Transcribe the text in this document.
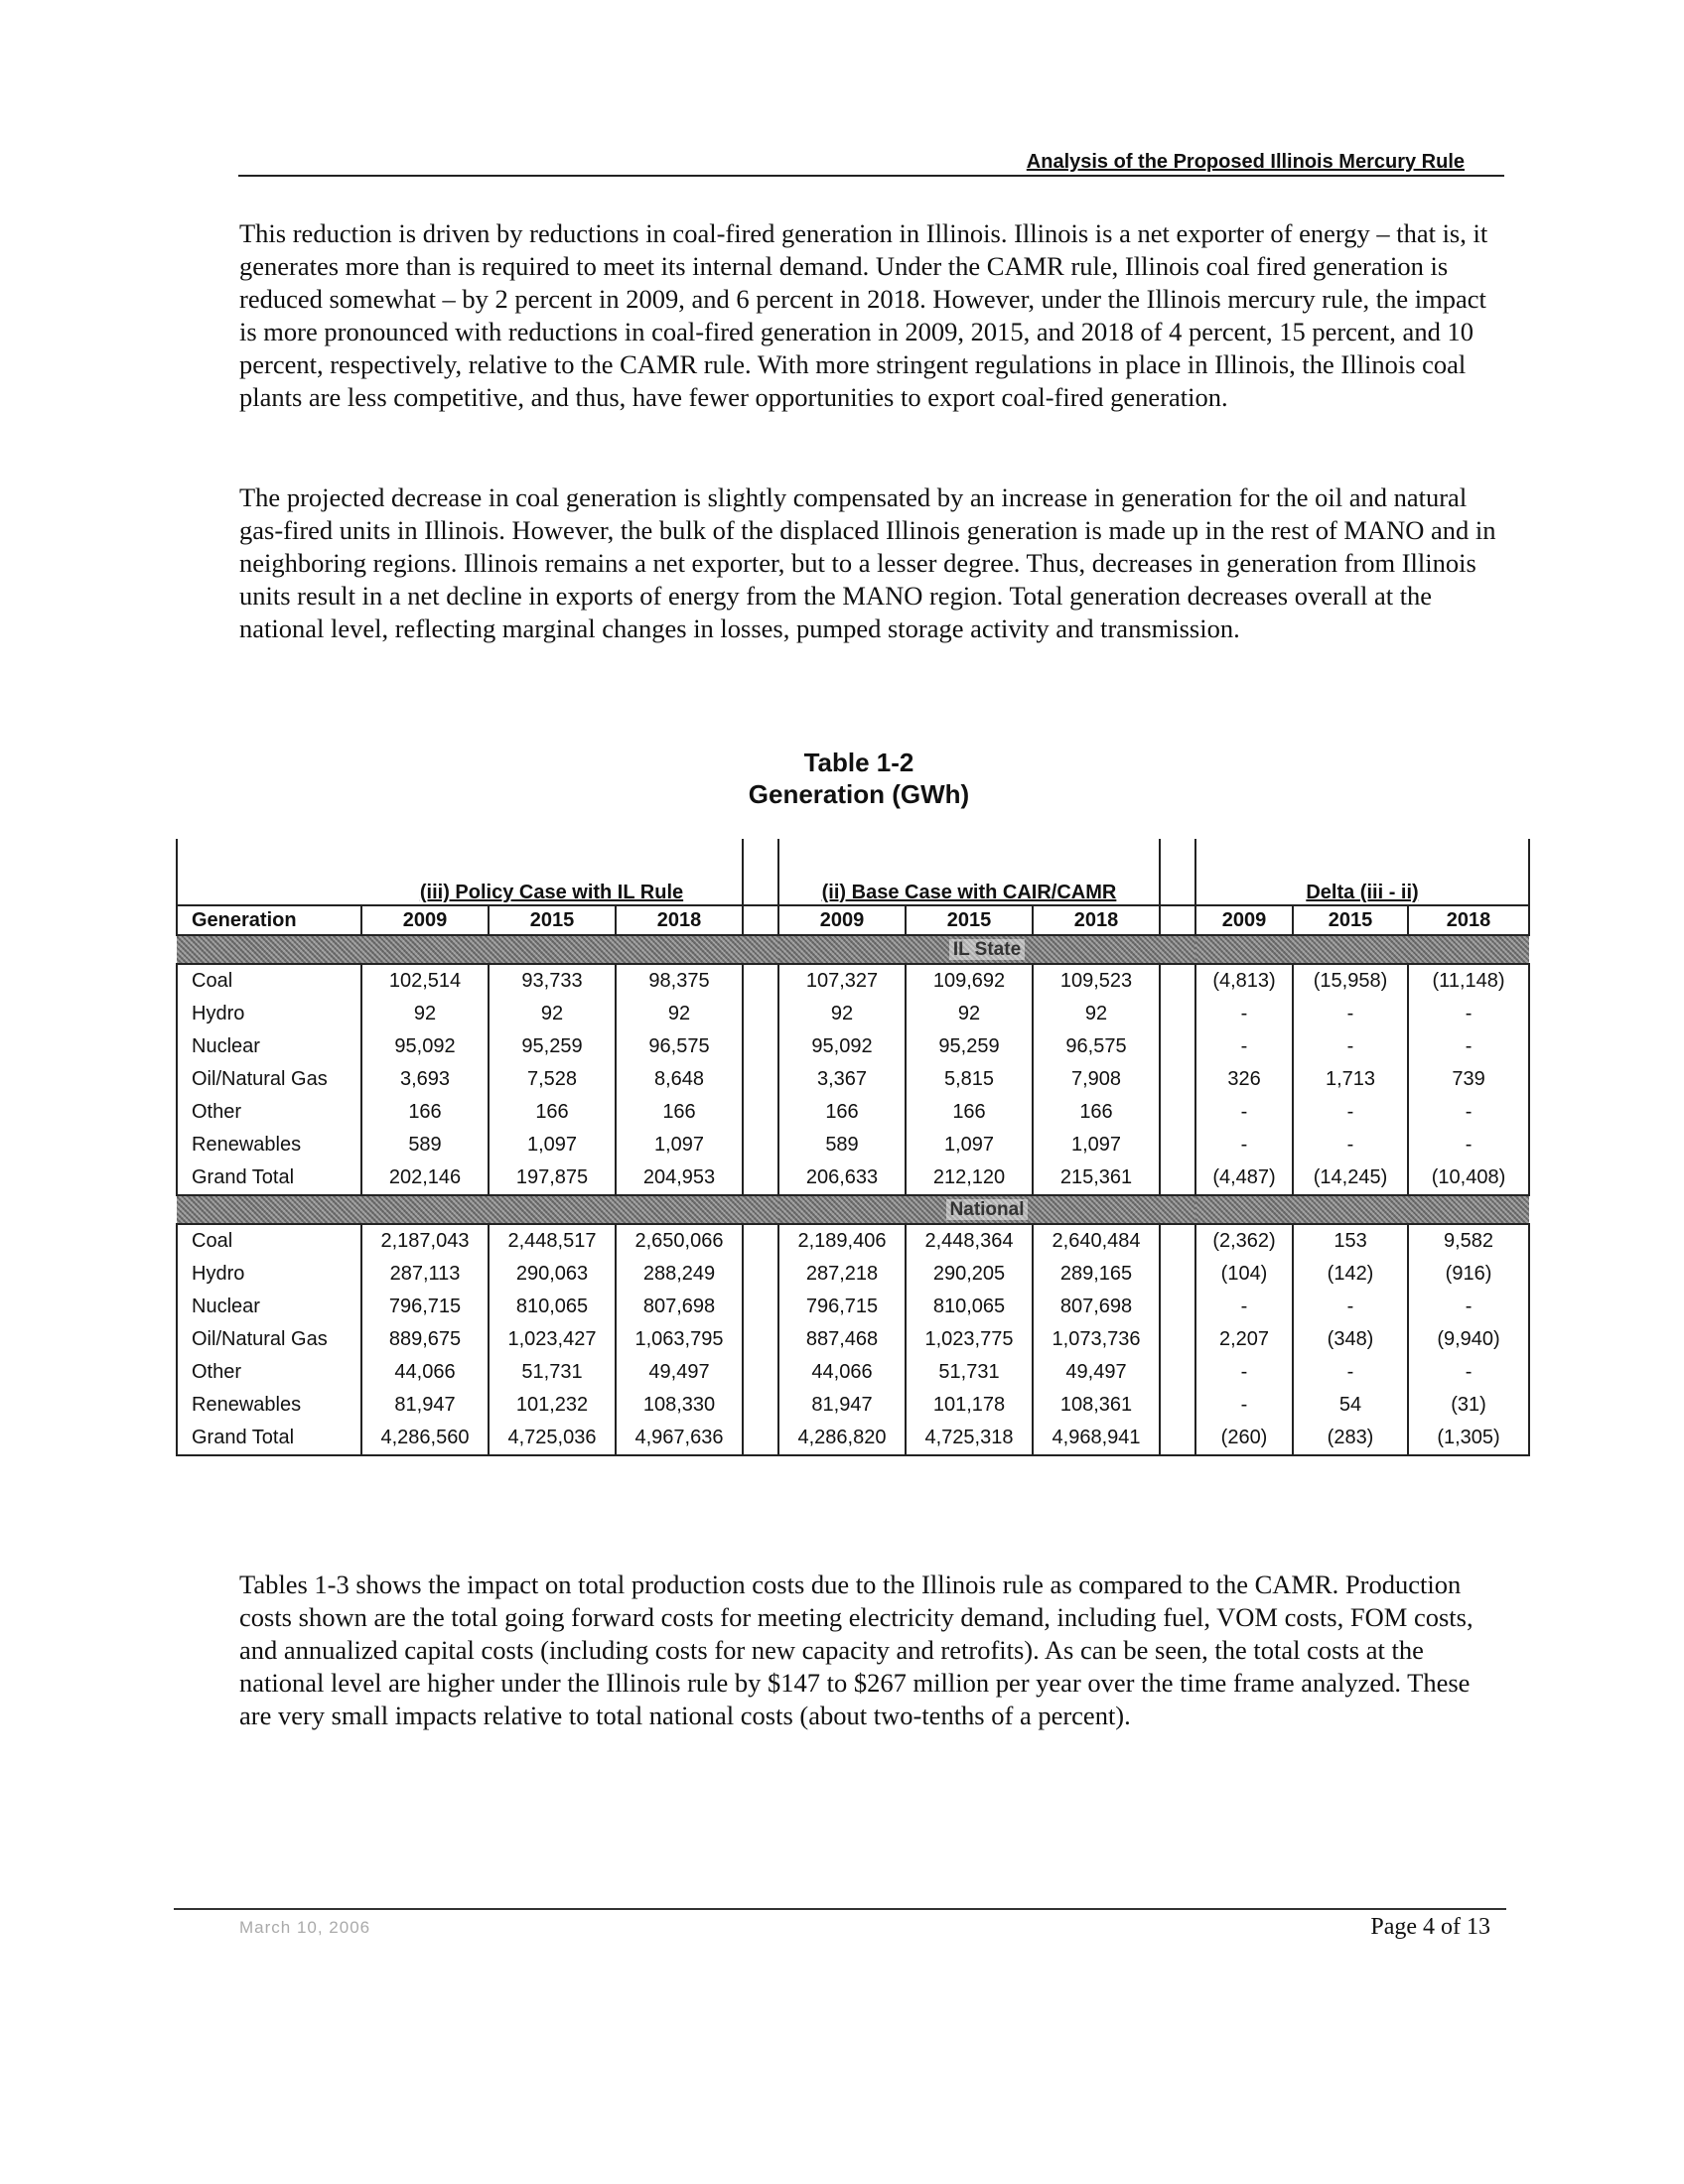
Analysis of the Proposed Illinois Mercury Rule

This reduction is driven by reductions in coal-fired generation in Illinois. Illinois is a net exporter of energy – that is, it generates more than is required to meet its internal demand. Under the CAMR rule, Illinois coal fired generation is reduced somewhat – by 2 percent in 2009, and 6 percent in 2018. However, under the Illinois mercury rule, the impact is more pronounced with reductions in coal-fired generation in 2009, 2015, and 2018 of 4 percent, 15 percent, and 10 percent, respectively, relative to the CAMR rule. With more stringent regulations in place in Illinois, the Illinois coal plants are less competitive, and thus, have fewer opportunities to export coal-fired generation.

The projected decrease in coal generation is slightly compensated by an increase in generation for the oil and natural gas-fired units in Illinois. However, the bulk of the displaced Illinois generation is made up in the rest of MANO and in neighboring regions. Illinois remains a net exporter, but to a lesser degree. Thus, decreases in generation from Illinois units result in a net decline in exports of energy from the MANO region. Total generation decreases overall at the national level, reflecting marginal changes in losses, pumped storage activity and transmission.

Table 1-2
Generation (GWh)

	(iii) Policy Case with IL Rule				(ii) Base Case with CAIR/CAMR				Delta (iii - ii)		
Generation	2009	2015	2018		2009	2015	2018		2009	2015	2018
					IL State						
Coal	102,514	93,733	98,375		107,327	109,692	109,523		(4,813)	(15,958)	(11,148)
Hydro	92	92	92		92	92	92		-	-	-
Nuclear	95,092	95,259	96,575		95,092	95,259	96,575		-	-	-
Oil/Natural Gas	3,693	7,528	8,648		3,367	5,815	7,908		326	1,713	739
Other	166	166	166		166	166	166		-	-	-
Renewables	589	1,097	1,097		589	1,097	1,097		-	-	-
Grand Total	202,146	197,875	204,953		206,633	212,120	215,361		(4,487)	(14,245)	(10,408)
					National						
Coal	2,187,043	2,448,517	2,650,066		2,189,406	2,448,364	2,640,484		(2,362)	153	9,582
Hydro	287,113	290,063	288,249		287,218	290,205	289,165		(104)	(142)	(916)
Nuclear	796,715	810,065	807,698		796,715	810,065	807,698		-	-	-
Oil/Natural Gas	889,675	1,023,427	1,063,795		887,468	1,023,775	1,073,736		2,207	(348)	(9,940)
Other	44,066	51,731	49,497		44,066	51,731	49,497		-	-	-
Renewables	81,947	101,232	108,330		81,947	101,178	108,361		-	54	(31)
Grand Total	4,286,560	4,725,036	4,967,636		4,286,820	4,725,318	4,968,941		(260)	(283)	(1,305)

Tables 1-3 shows the impact on total production costs due to the Illinois rule as compared to the CAMR. Production costs shown are the total going forward costs for meeting electricity demand, including fuel, VOM costs, FOM costs, and annualized capital costs (including costs for new capacity and retrofits). As can be seen, the total costs at the national level are higher under the Illinois rule by $147 to $267 million per year over the time frame analyzed. These are very small impacts relative to total national costs (about two-tenths of a percent).

March 10, 2006	Page 4 of 13
